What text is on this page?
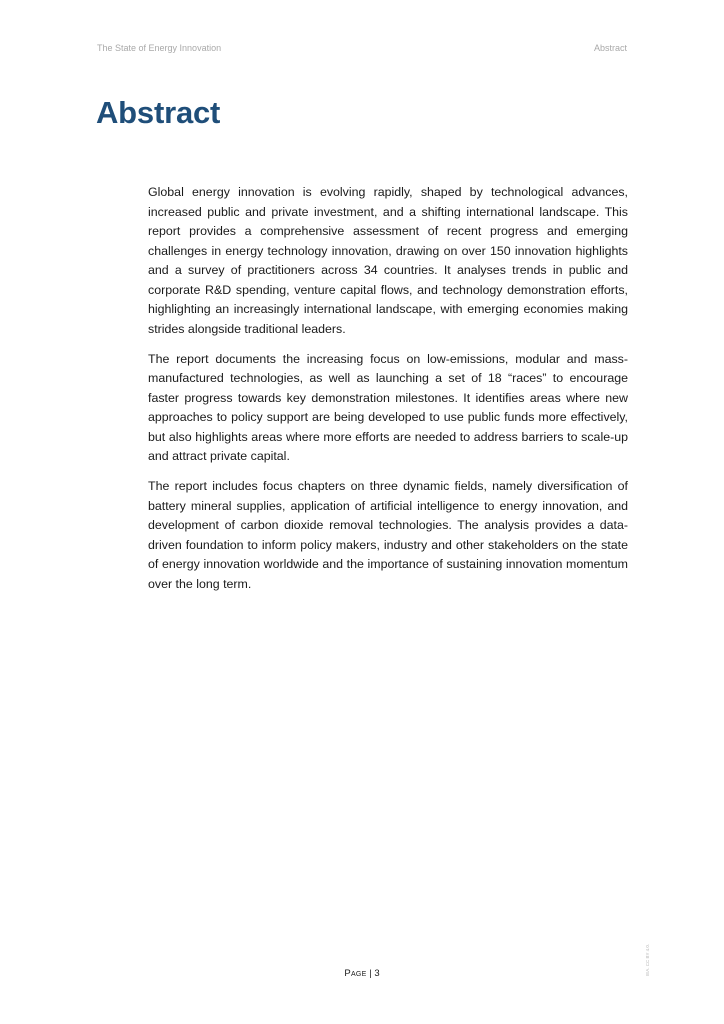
The State of Energy Innovation	Abstract
Abstract

Global energy innovation is evolving rapidly, shaped by technological advances, increased public and private investment, and a shifting international landscape. This report provides a comprehensive assessment of recent progress and emerging challenges in energy technology innovation, drawing on over 150 innovation highlights and a survey of practitioners across 34 countries. It analyses trends in public and corporate R&D spending, venture capital flows, and technology demonstration efforts, highlighting an increasingly international landscape, with emerging economies making strides alongside traditional leaders.

The report documents the increasing focus on low-emissions, modular and mass-manufactured technologies, as well as launching a set of 18 “races” to encourage faster progress towards key demonstration milestones. It identifies areas where new approaches to policy support are being developed to use public funds more effectively, but also highlights areas where more efforts are needed to address barriers to scale-up and attract private capital.

The report includes focus chapters on three dynamic fields, namely diversification of battery mineral supplies, application of artificial intelligence to energy innovation, and development of carbon dioxide removal technologies. The analysis provides a data-driven foundation to inform policy makers, industry and other stakeholders on the state of energy innovation worldwide and the importance of sustaining innovation momentum over the long term.

IEA. CC BY 4.0.
Page | 3
